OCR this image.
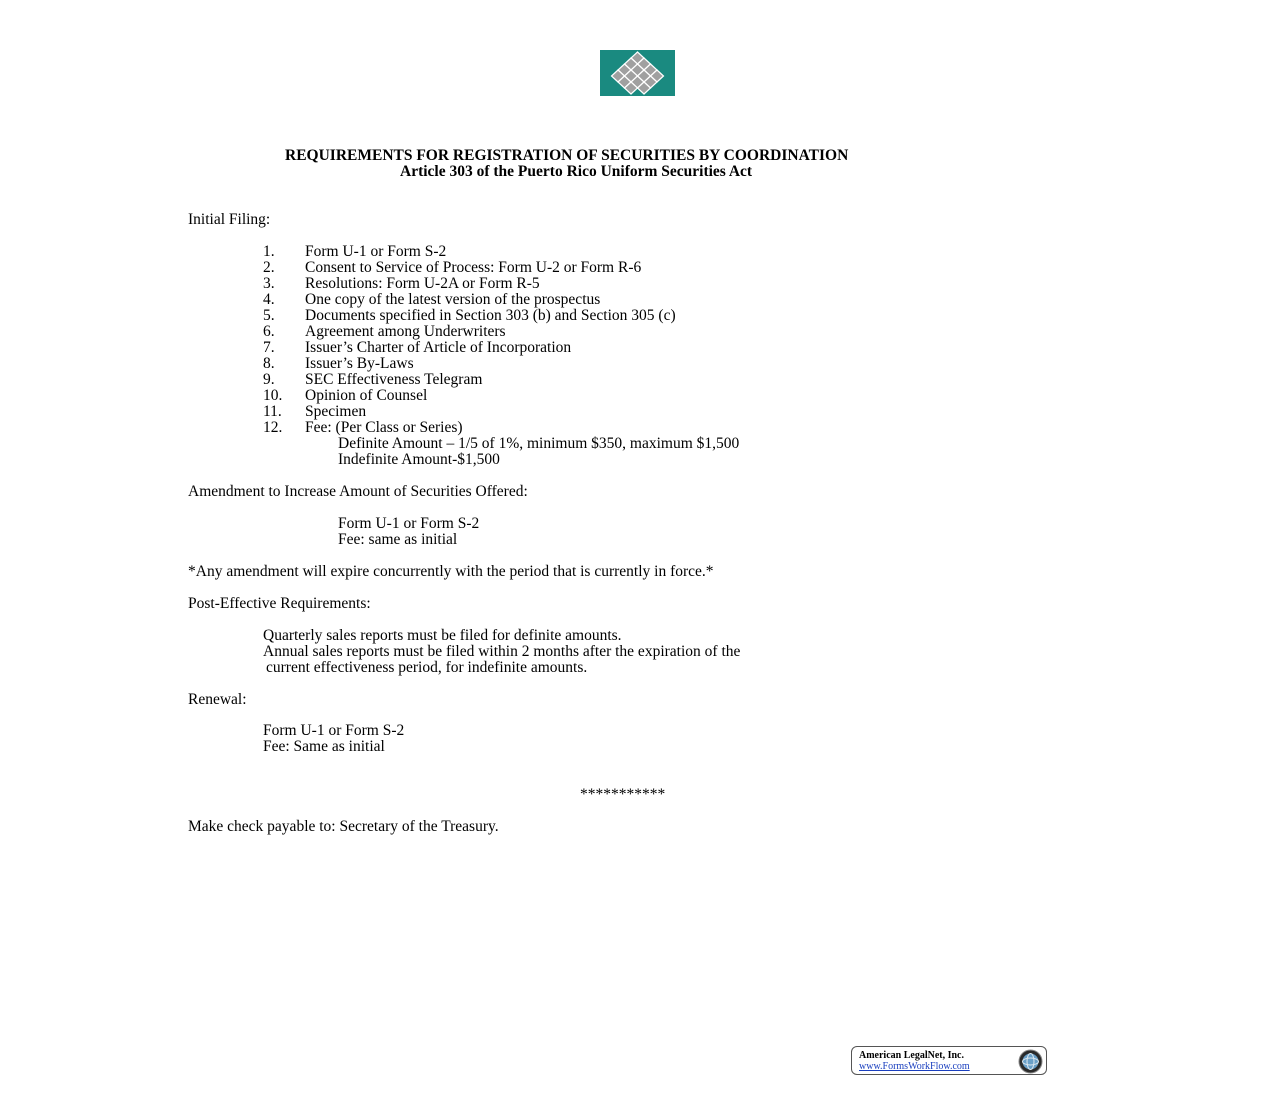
REQUIREMENTS FOR REGISTRATION OF SECURITIES BY COORDINATION
Article 303 of the Puerto Rico Uniform Securities Act
Initial Filing:
1. Form U-1 or Form S-2
2. Consent to Service of Process: Form U-2 or Form R-6
3. Resolutions: Form U-2A or Form R-5
4. One copy of the latest version of the prospectus
5. Documents specified in Section 303 (b) and Section 305 (c)
6. Agreement among Underwriters
7. Issuer’s Charter of Article of Incorporation
8. Issuer’s By-Laws
9. SEC Effectiveness Telegram
10. Opinion of Counsel
11. Specimen
12. Fee: (Per Class or Series)
Definite Amount – 1/5 of 1%, minimum $350, maximum $1,500
Indefinite Amount-$1,500
Amendment to Increase Amount of Securities Offered:
Form U-1 or Form S-2
Fee: same as initial
*Any amendment will expire concurrently with the period that is currently in force.*
Post-Effective Requirements:
Quarterly sales reports must be filed for definite amounts.
Annual sales reports must be filed within 2 months after the expiration of the
current effectiveness period, for indefinite amounts.
Renewal:
Form U-1 or Form S-2
Fee: Same as initial
***********
Make check payable to: Secretary of the Treasury.
American LegalNet, Inc.
www.FormsWorkFlow.com
